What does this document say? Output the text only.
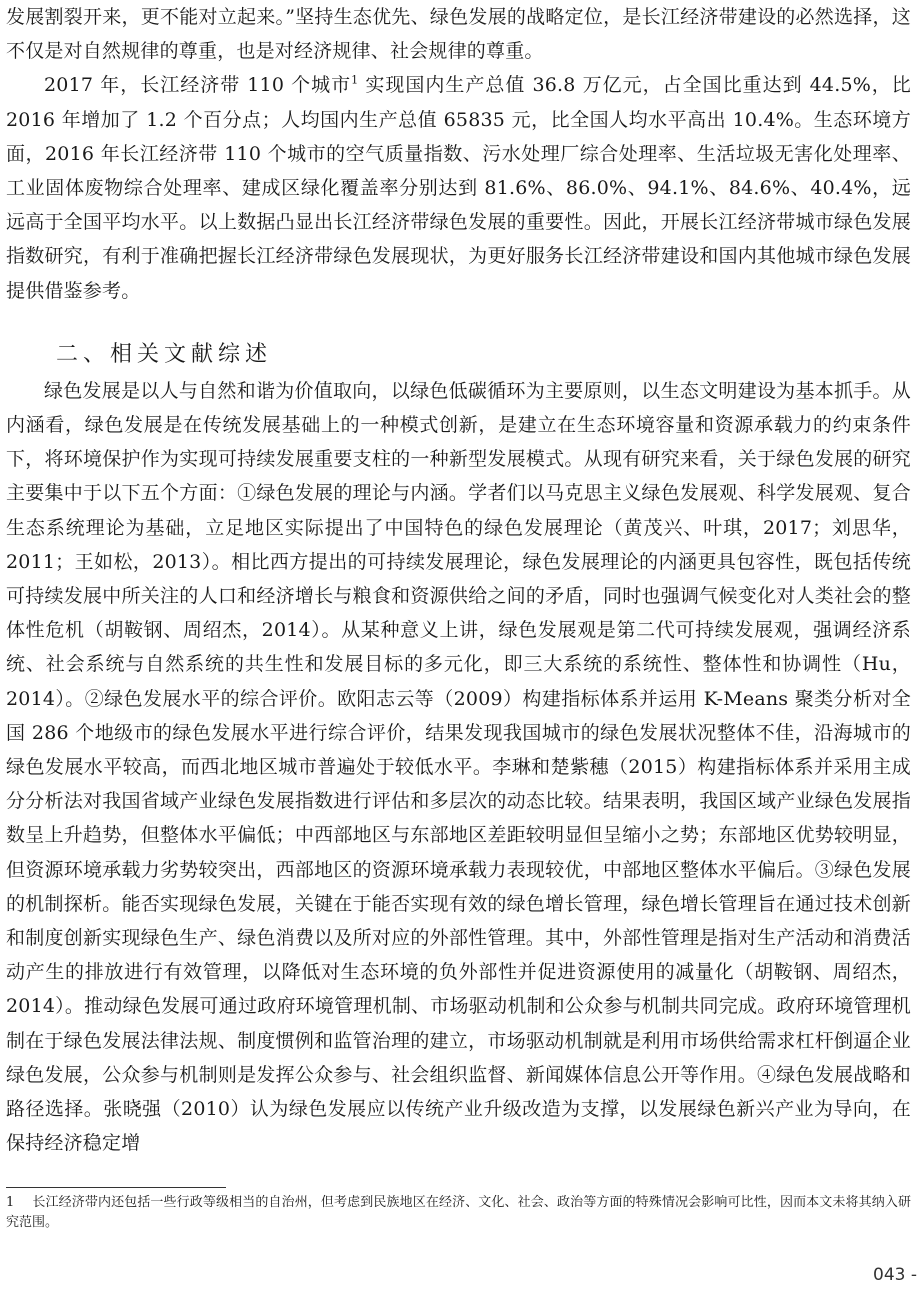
发展割裂开来，更不能对立起来。”坚持生态优先、绿色发展的战略定位，是长江经济带建设的必然选择，这不仅是对自然规律的尊重，也是对经济规律、社会规律的尊重。

2017 年，长江经济带 110 个城市$^1$ 实现国内生产总值 36.8 万亿元，占全国比重达到 44.5%，比 2016 年增加了 1.2 个百分点；人均国内生产总值 65835 元，比全国人均水平高出 10.4%。生态环境方面，2016 年长江经济带 110 个城市的空气质量指数、污水处理厂综合处理率、生活垃圾无害化处理率、工业固体废物综合处理率、建成区绿化覆盖率分别达到 81.6%、86.0%、94.1%、84.6%、40.4%，远远高于全国平均水平。以上数据凸显出长江经济带绿色发展的重要性。因此，开展长江经济带城市绿色发展指数研究，有利于准确把握长江经济带绿色发展现状，为更好服务长江经济带建设和国内其他城市绿色发展提供借鉴参考。

二、相关文献综述

绿色发展是以人与自然和谐为价值取向，以绿色低碳循环为主要原则，以生态文明建设为基本抓手。从内涵看，绿色发展是在传统发展基础上的一种模式创新，是建立在生态环境容量和资源承载力的约束条件下，将环境保护作为实现可持续发展重要支柱的一种新型发展模式。从现有研究来看，关于绿色发展的研究主要集中于以下五个方面：①绿色发展的理论与内涵。学者们以马克思主义绿色发展观、科学发展观、复合生态系统理论为基础，立足地区实际提出了中国特色的绿色发展理论（黄茂兴、叶琪，2017；刘思华，2011；王如松，2013）。相比西方提出的可持续发展理论，绿色发展理论的内涵更具包容性，既包括传统可持续发展中所关注的人口和经济增长与粮食和资源供给之间的矛盾，同时也强调气候变化对人类社会的整体性危机（胡鞍钢、周绍杰，2014）。从某种意义上讲，绿色发展观是第二代可持续发展观，强调经济系统、社会系统与自然系统的共生性和发展目标的多元化，即三大系统的系统性、整体性和协调性（Hu， 2014）。②绿色发展水平的综合评价。欧阳志云等（2009）构建指标体系并运用 K-Means 聚类分析对全国 286 个地级市的绿色发展水平进行综合评价，结果发现我国城市的绿色发展状况整体不佳，沿海城市的绿色发展水平较高，而西北地区城市普遍处于较低水平。李琳和楚紫穗（2015）构建指标体系并采用主成分分析法对我国省域产业绿色发展指数进行评估和多层次的动态比较。结果表明，我国区域产业绿色发展指数呈上升趋势，但整体水平偏低；中西部地区与东部地区差距较明显但呈缩小之势；东部地区优势较明显，但资源环境承载力劣势较突出，西部地区的资源环境承载力表现较优，中部地区整体水平偏后。③绿色发展的机制探析。能否实现绿色发展，关键在于能否实现有效的绿色增长管理，绿色增长管理旨在通过技术创新和制度创新实现绿色生产、绿色消费以及所对应的外部性管理。其中，外部性管理是指对生产活动和消费活动产生的排放进行有效管理，以降低对生态环境的负外部性并促进资源使用的减量化（胡鞍钢、周绍杰，2014）。推动绿色发展可通过政府环境管理机制、市场驱动机制和公众参与机制共同完成。政府环境管理机制在于绿色发展法律法规、制度惯例和监管治理的建立，市场驱动机制就是利用市场供给需求杠杆倒逼企业绿色发展，公众参与机制则是发挥公众参与、社会组织监督、新闻媒体信息公开等作用。④绿色发展战略和路径选择。张晓强（2010）认为绿色发展应以传统产业升级改造为支撑，以发展绿色新兴产业为导向，在保持经济稳定增

1 长江经济带内还包括一些行政等级相当的自治州，但考虑到民族地区在经济、文化、社会、政治等方面的特殊情况会影响可比性，因而本文未将其纳入研究范围。
043 -
